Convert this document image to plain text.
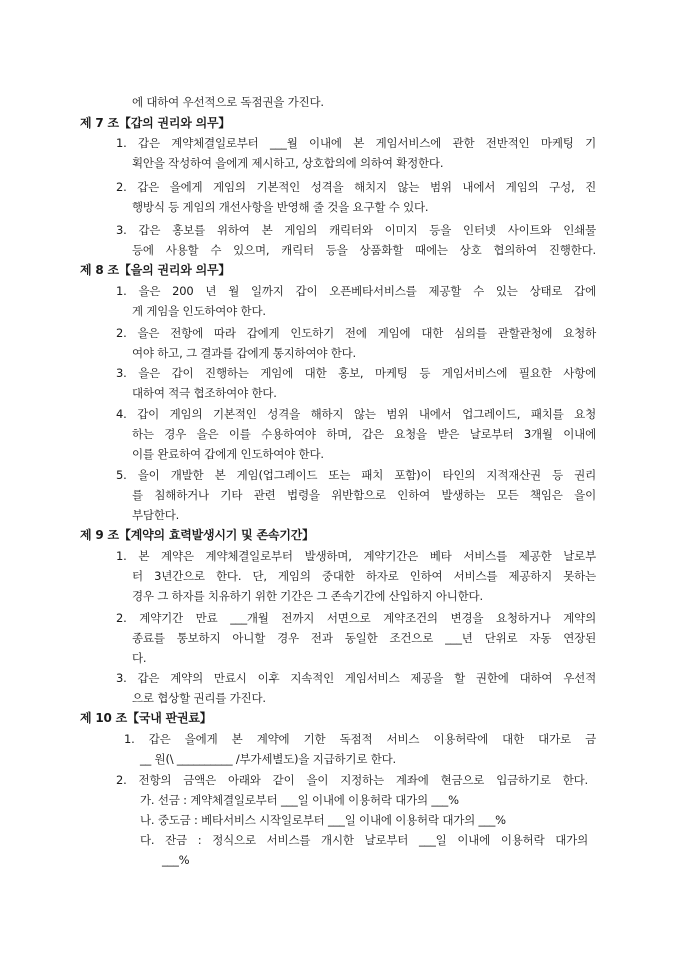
에 대하여 우선적으로 독점권을 가진다.
제 7 조【갑의 권리와 의무】
1. 갑은 계약체결일로부터 ___월 이내에 본 게임서비스에 관한 전반적인 마케팅 기
획안을 작성하여 을에게 제시하고, 상호합의에 의하여 확정한다.
2. 갑은 을에게 게임의 기본적인 성격을 해치지 않는 범위 내에서 게임의 구성, 진
행방식 등 게임의 개선사항을 반영해 줄 것을 요구할 수 있다.
3. 갑은 홍보를 위하여 본 게임의 캐릭터와 이미지 등을 인터넷 사이트와 인쇄물
등에 사용할 수 있으며, 캐릭터 등을 상품화할 때에는 상호 협의하여 진행한다.
제 8 조【을의 권리와 의무】
1. 을은 200 년 월 일까지 갑이 오픈베타서비스를 제공할 수 있는 상태로 갑에
게 게임을 인도하여야 한다.
2. 을은 전항에 따라 갑에게 인도하기 전에 게임에 대한 심의를 관할관청에 요청하
여야 하고, 그 결과를 갑에게 통지하여야 한다.
3. 을은 갑이 진행하는 게임에 대한 홍보, 마케팅 등 게임서비스에 필요한 사항에
대하여 적극 협조하여야 한다.
4. 갑이 게임의 기본적인 성격을 해하지 않는 범위 내에서 업그레이드, 패치를 요청
하는 경우 을은 이를 수용하여야 하며, 갑은 요청을 받은 날로부터 3개월 이내에
이를 완료하여 갑에게 인도하여야 한다.
5. 을이 개발한 본 게임(업그레이드 또는 패치 포함)이 타인의 지적재산권 등 권리
를 침해하거나 기타 관련 법령을 위반함으로 인하여 발생하는 모든 책임은 을이
부담한다.
제 9 조【계약의 효력발생시기 및 존속기간】
1. 본 계약은 계약체결일로부터 발생하며, 계약기간은 베타 서비스를 제공한 날로부
터 3년간으로 한다. 단, 게임의 중대한 하자로 인하여 서비스를 제공하지 못하는
경우 그 하자를 치유하기 위한 기간은 그 존속기간에 산입하지 아니한다.
2. 계약기간 만료 ___개월 전까지 서면으로 계약조건의 변경을 요청하거나 계약의
종료를 통보하지 아니할 경우 전과 동일한 조건으로 ___년 단위로 자동 연장된
다.
3. 갑은 계약의 만료시 이후 지속적인 게임서비스 제공을 할 권한에 대하여 우선적
으로 협상할 권리를 가진다.
제 10 조【국내 판권료】
1. 갑은 을에게 본 계약에 기한 독점적 서비스 이용허락에 대한 대가로 금
__ 원(\ __________ /부가세별도)을 지급하기로 한다.
2. 전항의 금액은 아래와 같이 을이 지정하는 계좌에 현금으로 입금하기로 한다.
가. 선금 : 계약체결일로부터 ___일 이내에 이용허락 대가의 ___%
나. 중도금 : 베타서비스 시작일로부터 ___일 이내에 이용허락 대가의 ___%
다. 잔금 : 정식으로 서비스를 개시한 날로부터 ___일 이내에 이용허락 대가의
___%
